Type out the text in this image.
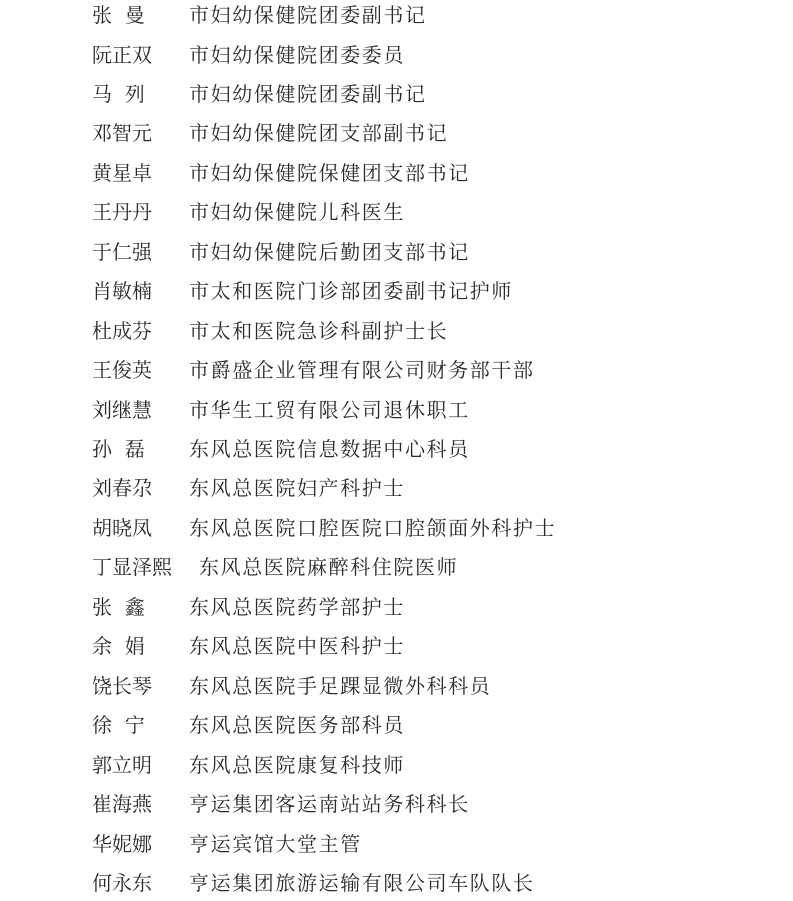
张  曼 市妇幼保健院团委副书记
阮正双 市妇幼保健院团委委员
马  列 市妇幼保健院团委副书记
邓智元 市妇幼保健院团支部副书记
黄星卓 市妇幼保健院保健团支部书记
王丹丹 市妇幼保健院儿科医生
于仁强 市妇幼保健院后勤团支部书记
肖敏楠 市太和医院门诊部团委副书记护师
杜成芬 市太和医院急诊科副护士长
王俊英 市爵盛企业管理有限公司财务部干部
刘继慧 市华生工贸有限公司退休职工
孙  磊 东风总医院信息数据中心科员
刘春尕 东风总医院妇产科护士
胡晓凤 东风总医院口腔医院口腔颌面外科护士
丁显泽熙 东风总医院麻醉科住院医师
张  鑫 东风总医院药学部护士
余  娟 东风总医院中医科护士
饶长琴 东风总医院手足踝显微外科科员
徐  宁 东风总医院医务部科员
郭立明 东风总医院康复科技师
崔海燕 亨运集团客运南站站务科科长
华妮娜 亨运宾馆大堂主管
何永东 亨运集团旅游运输有限公司车队队长
